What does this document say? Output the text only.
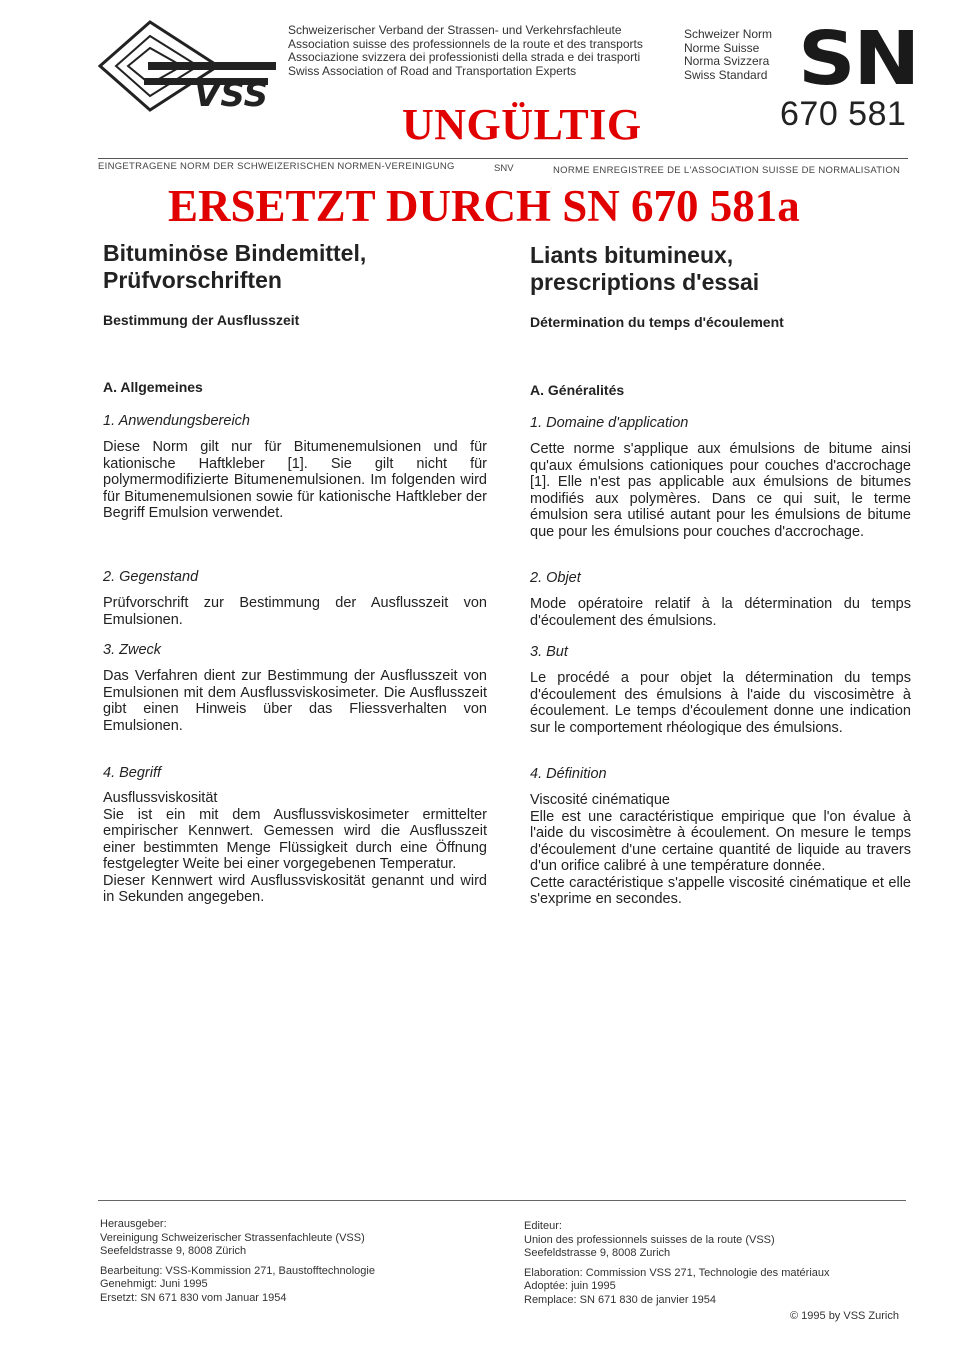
VSS
Schweizerischer Verband der Strassen- und Verkehrsfachleute
Association suisse des professionnels de la route et des transports
Associazione svizzera dei professionisti della strada e dei trasporti
Swiss Association of Road and Transportation Experts
Schweizer Norm
Norme Suisse
Norma Svizzera
Swiss Standard SN
670 581
UNGÜLTIG
EINGETRAGENE NORM DER SCHWEIZERISCHEN NORMEN-VEREINIGUNG	SNV	NORME ENREGISTREE DE L'ASSOCIATION SUISSE DE NORMALISATION
ERSETZT DURCH SN 670 581a
Bituminöse Bindemittel,
Prüfvorschriften
Bestimmung der Ausflusszeit
A. Allgemeines
1. Anwendungsbereich

Diese Norm gilt nur für Bitumenemulsionen und für kationische Haftkleber [1]. Sie gilt nicht für polymermodifizierte Bitumenemulsionen. Im folgenden wird für Bitumenemulsionen sowie für kationische Haftkleber der Begriff Emulsion verwendet.

2. Gegenstand

Prüfvorschrift zur Bestimmung der Ausflusszeit von Emulsionen.

3. Zweck

Das Verfahren dient zur Bestimmung der Ausflusszeit von Emulsionen mit dem Ausflussviskosimeter. Die Ausflusszeit gibt einen Hinweis über das Fliessverhalten von Emulsionen.

4. Begriff

Ausflussviskosität

Sie ist ein mit dem Ausflussviskosimeter ermittelter empirischer Kennwert. Gemessen wird die Ausflusszeit einer bestimmten Menge Flüssigkeit durch eine Öffnung festgelegter Weite bei einer vorgegebenen Temperatur.

Dieser Kennwert wird Ausflussviskosität genannt und wird in Sekunden angegeben.

Liants bitumineux,
prescriptions d'essai
Détermination du temps d'écoulement
A. Généralités
1. Domaine d'application

Cette norme s'applique aux émulsions de bitume ainsi qu'aux émulsions cationiques pour couches d'accrochage [1]. Elle n'est pas applicable aux émulsions de bitumes modifiés aux polymères. Dans ce qui suit, le terme émulsion sera utilisé autant pour les émulsions de bitume que pour les émulsions pour couches d'accrochage.

2. Objet

Mode opératoire relatif à la détermination du temps d'écoulement des émulsions.

3. But

Le procédé a pour objet la détermination du temps d'écoulement des émulsions à l'aide du viscosimètre à écoulement. Le temps d'écoulement donne une indication sur le comportement rhéologique des émulsions.

4. Définition

Viscosité cinématique

Elle est une caractéristique empirique que l'on évalue à l'aide du viscosimètre à écoulement. On mesure le temps d'écoulement d'une certaine quantité de liquide au travers d'un orifice calibré à une température donnée.

Cette caractéristique s'appelle viscosité cinématique et elle s'exprime en secondes.

Herausgeber:

Vereinigung Schweizerischer Strassenfachleute (VSS)

Seefeldstrasse 9, 8008 Zürich

Bearbeitung: VSS-Kommission 271, Baustofftechnologie

Genehmigt: Juni 1995

Ersetzt: SN 671 830 vom Januar 1954

Editeur:

Union des professionnels suisses de la route (VSS)

Seefeldstrasse 9, 8008 Zurich

Elaboration: Commission VSS 271, Technologie des matériaux

Adoptée: juin 1995

Remplace: SN 671 830 de janvier 1954

© 1995 by VSS Zurich
